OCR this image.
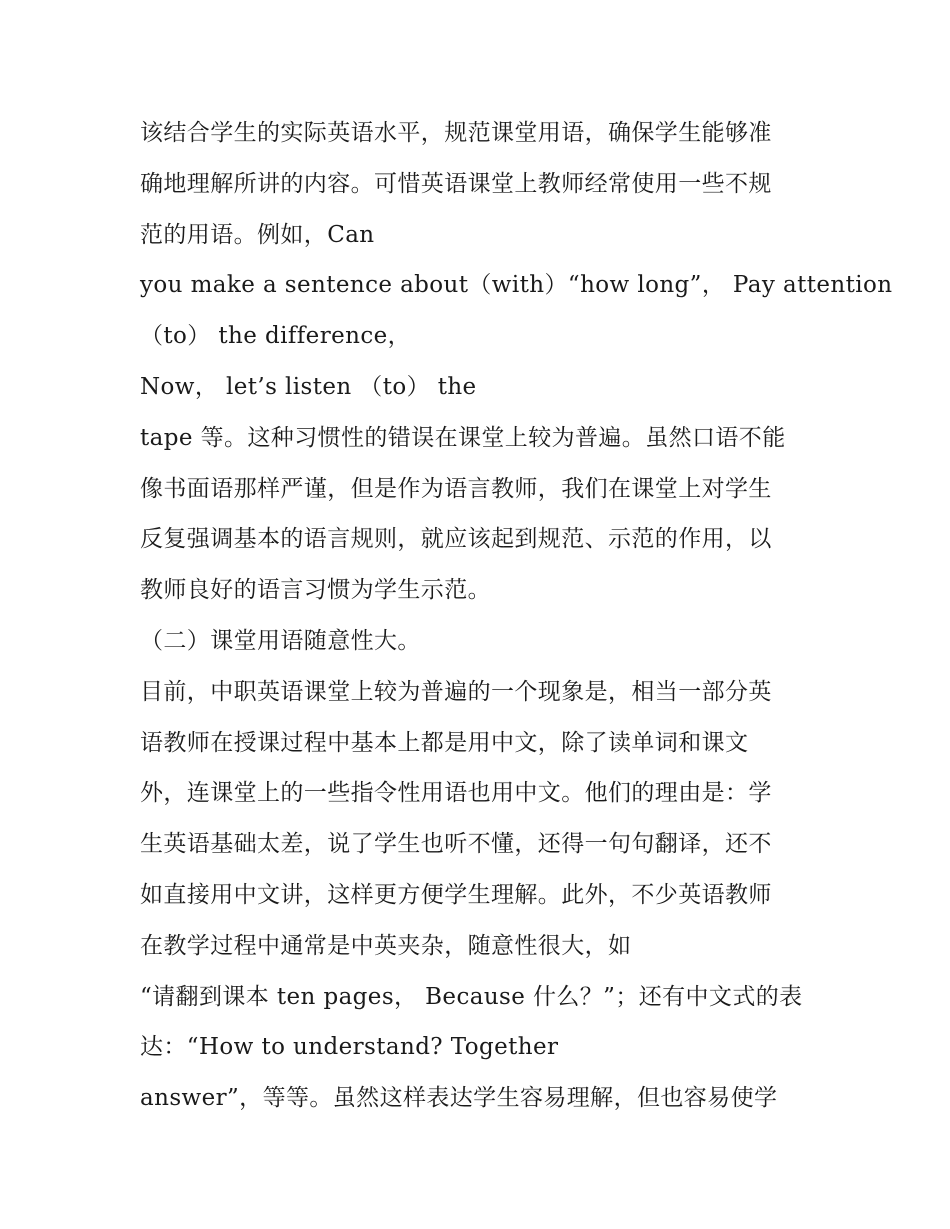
该结合学生的实际英语水平，规范课堂用语，确保学生能够准
确地理解所讲的内容。可惜英语课堂上教师经常使用一些不规
范的用语。例如，Can
you make a sentence about（with）“how long”， Pay attention
（to） the difference，
Now， let’s listen （to） the
tape 等。这种习惯性的错误在课堂上较为普遍。虽然口语不能
像书面语那样严谨，但是作为语言教师，我们在课堂上对学生
反复强调基本的语言规则，就应该起到规范、示范的作用，以
教师良好的语言习惯为学生示范。
（二）课堂用语随意性大。
目前，中职英语课堂上较为普遍的一个现象是，相当一部分英
语教师在授课过程中基本上都是用中文，除了读单词和课文
外，连课堂上的一些指令性用语也用中文。他们的理由是：学
生英语基础太差，说了学生也听不懂，还得一句句翻译，还不
如直接用中文讲，这样更方便学生理解。此外，不少英语教师
在教学过程中通常是中英夹杂，随意性很大，如
“请翻到课本 ten pages， Because 什么？”；还有中文式的表
达：“How to understand? Together
answer”，等等。虽然这样表达学生容易理解，但也容易使学
